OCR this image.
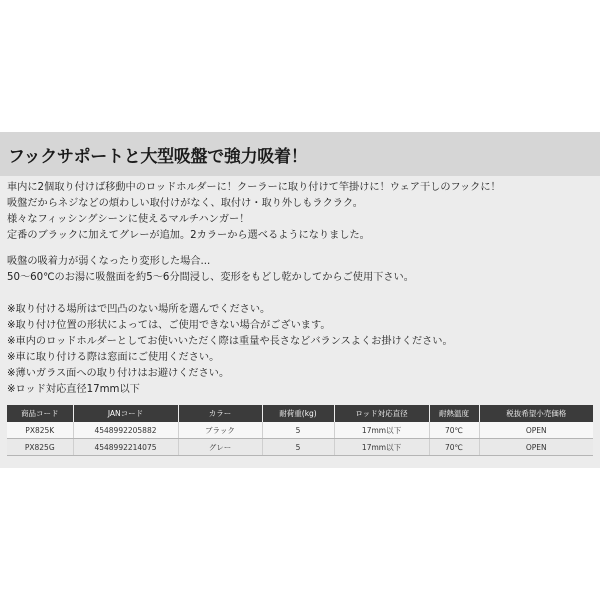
フックサポートと大型吸盤で強力吸着！
車内に2個取り付けば移動中のロッドホルダーに！クーラーに取り付けて竿掛けに！ウェア干しのフックに！
吸盤だからネジなどの煩わしい取付けがなく、取付け・取り外しもラクラク。
様々なフィッシングシーンに使えるマルチハンガー！
定番のブラックに加えてグレーが追加。2カラーから選べるようになりました。
吸盤の吸着力が弱くなったり変形した場合...
50～60℃のお湯に吸盤面を約5～6分間浸し、変形をもどし乾かしてからご使用下さい。
※取り付ける場所はで凹凸のない場所を選んでください。
※取り付け位置の形状によっては、ご使用できない場合がございます。
※車内のロッドホルダーとしてお使いいただく際は重量や長さなどバランスよくお掛けください。
※車に取り付ける際は窓面にご使用ください。
※薄いガラス面への取り付けはお避けください。
※ロッド対応直径17mm以下
商品コード	JANコード	カラー	耐荷重(kg)	ロッド対応直径	耐熱温度	税抜希望小売価格
PX825K	4548992205882	ブラック	5	17mm以下	70℃	OPEN
PX825G	4548992214075	グレー	5	17mm以下	70℃	OPEN
